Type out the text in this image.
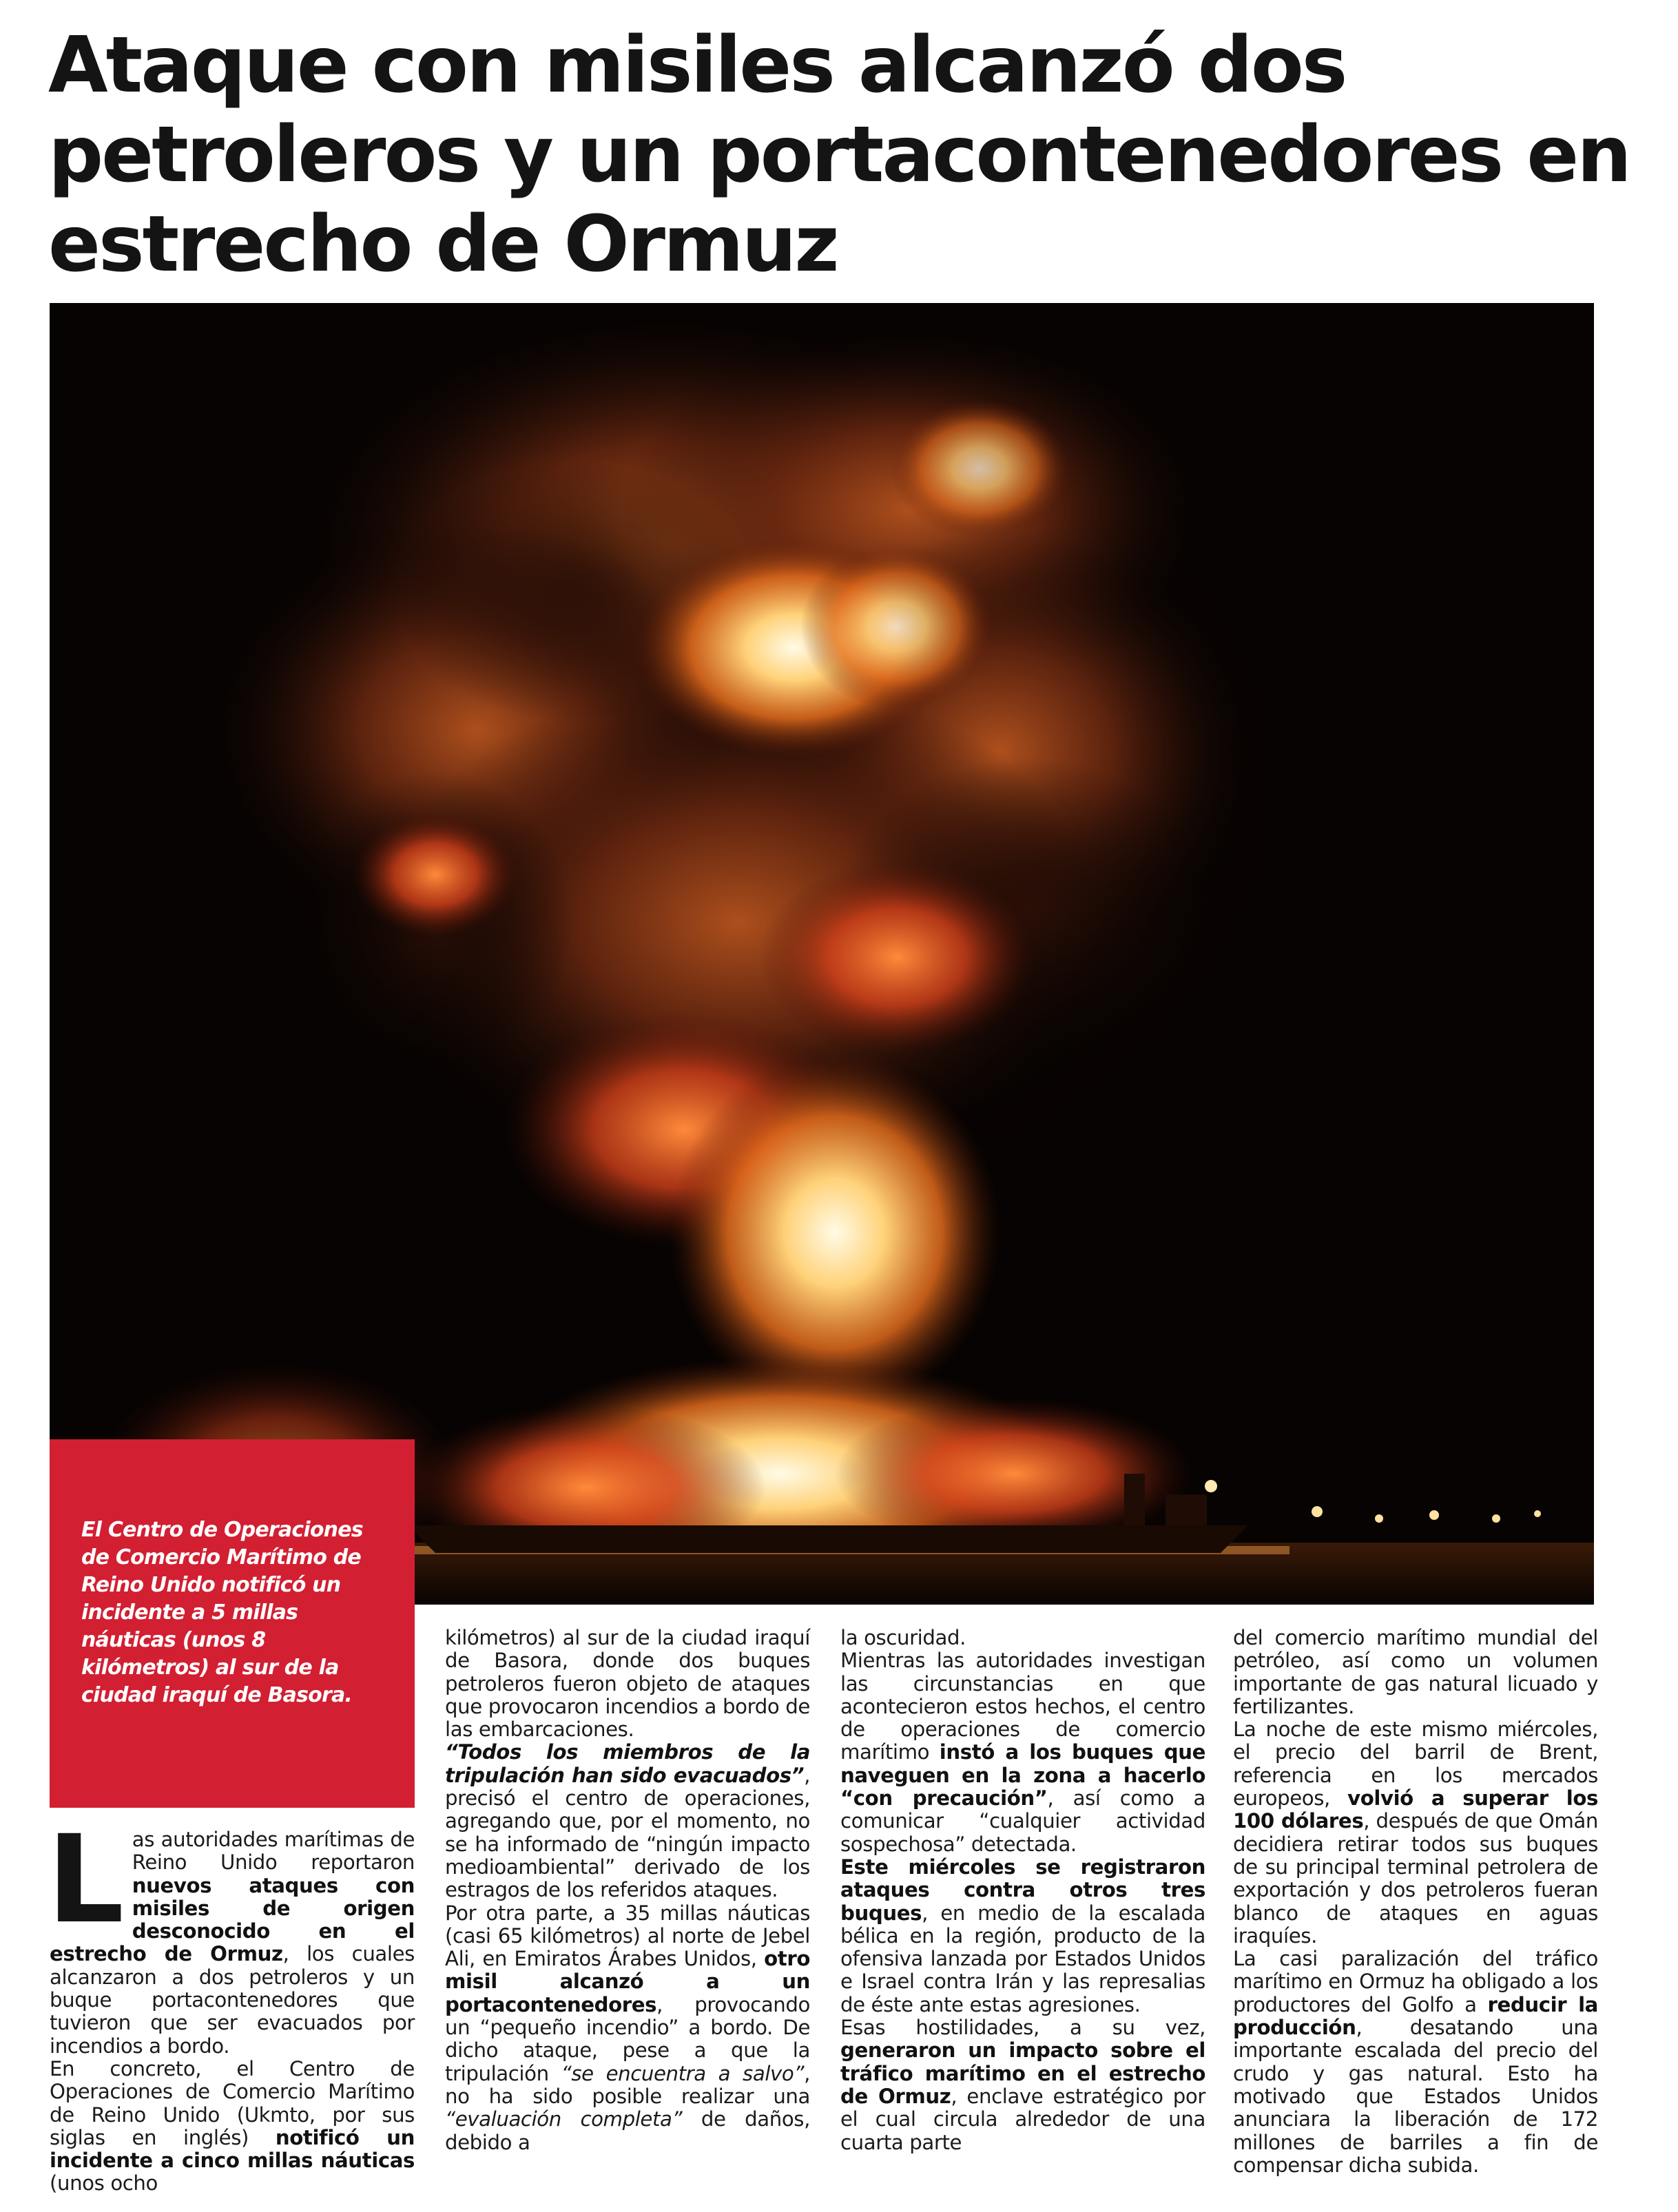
Ataque con misiles alcanzó dos petroleros y un portacontenedores en estrecho de Ormuz

El Centro de Operaciones de Comercio Marítimo de Reino Unido notificó un incidente a 5 millas náuticas (unos 8 kilómetros) al sur de la ciudad iraquí de Basora.

L as autoridades marítimas de Reino Unido reportaron nuevos ataques con misiles de origen desconocido en el estrecho de Ormuz, los cuales alcanzaron a dos petroleros y un buque portacontenedores que tuvieron que ser evacuados por incendios a bordo.

En concreto, el Centro de Operaciones de Comercio Marítimo de Reino Unido (Ukmto, por sus siglas en inglés) notificó un incidente a cinco millas náuticas (unos ocho

kilómetros) al sur de la ciudad iraquí de Basora, donde dos buques petroleros fueron objeto de ataques que provocaron incendios a bordo de las embarcaciones.

“Todos los miembros de la tripulación han sido evacuados”, precisó el centro de operaciones, agregando que, por el momento, no se ha informado de “ningún impacto medioambiental” derivado de los estragos de los referidos ataques.

Por otra parte, a 35 millas náuticas (casi 65 kilómetros) al norte de Jebel Ali, en Emiratos Árabes Unidos, otro misil alcanzó a un portacontenedores, provocando un “pequeño incendio” a bordo. De dicho ataque, pese a que la tripulación “se encuentra a salvo”, no ha sido posible realizar una “evaluación completa” de daños, debido a

la oscuridad.

Mientras las autoridades investigan las circunstancias en que acontecieron estos hechos, el centro de operaciones de comercio marítimo instó a los buques que naveguen en la zona a hacerlo “con precaución”, así como a comunicar “cualquier actividad sospechosa” detectada.

Este miércoles se registraron ataques contra otros tres buques, en medio de la escalada bélica en la región, producto de la ofensiva lanzada por Estados Unidos e Israel contra Irán y las represalias de éste ante estas agresiones.

Esas hostilidades, a su vez, generaron un impacto sobre el tráfico marítimo en el estrecho de Ormuz, enclave estratégico por el cual circula alrededor de una cuarta parte

del comercio marítimo mundial del petróleo, así como un volumen importante de gas natural licuado y fertilizantes.

La noche de este mismo miércoles, el precio del barril de Brent, referencia en los mercados europeos, volvió a superar los 100 dólares, después de que Omán decidiera retirar todos sus buques de su principal terminal petrolera de exportación y dos petroleros fueran blanco de ataques en aguas iraquíes.

La casi paralización del tráfico marítimo en Ormuz ha obligado a los productores del Golfo a reducir la producción, desatando una importante escalada del precio del crudo y gas natural. Esto ha motivado que Estados Unidos anunciara la liberación de 172 millones de barriles a fin de compensar dicha subida.
